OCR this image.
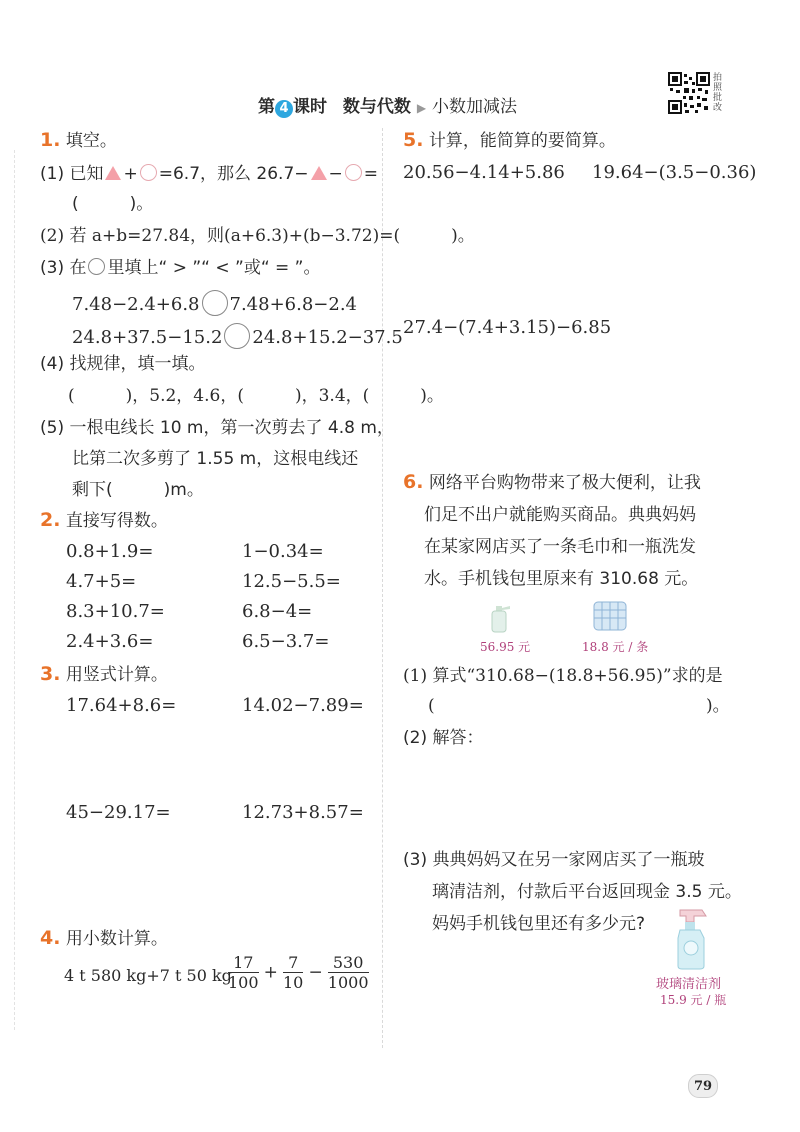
第 4 课时 数与代数 ▶ 小数加减法
拍照批改
1. 填空。
(1) 已知 + =6.7，那么 26.7− − =
(　　　)。
(2) 若 a+b=27.84，则(a+6.3)+(b−3.72)=(　　　)。
(3) 在 里填上“ > ”“ < ”或“ = ”。
7.48−2.4+6.8 7.48+6.8−2.4
24.8+37.5−15.2 24.8+15.2−37.5
(4) 找规律，填一填。
(　　　)，5.2，4.6，(　　　)，3.4，(　　　)。
(5) 一根电线长 10 m，第一次剪去了 4.8 m，
比第二次多剪了 1.55 m，这根电线还
剩下(　　　)m。
2. 直接写得数。
0.8+1.9=	1−0.34=
4.7+5=	12.5−5.5=
8.3+10.7=	6.8−4=
2.4+3.6=	6.5−3.7=
3. 用竖式计算。
17.64+8.6=	14.02−7.89=
45−29.17=	12.73+8.57=
4. 用小数计算。
4 t 580 kg+7 t 50 kg
$\frac{17}{100} + \frac{7}{10} - \frac{530}{1000}$
5. 计算，能简算的要简算。
20.56−4.14+5.86 19.64−(3.5−0.36)
27.4−(7.4+3.15)−6.85
6. 网络平台购物带来了极大便利，让我
们足不出户就能购买商品。典典妈妈
在某家网店买了一条毛巾和一瓶洗发
水。手机钱包里原来有 310.68 元。
56.95 元	18.8 元 / 条
(1) 算式“310.68−(18.8+56.95)”求的是
(	)。
(2) 解答：
(3) 典典妈妈又在另一家网店买了一瓶玻
璃清洁剂，付款后平台返回现金 3.5 元。
妈妈手机钱包里还有多少元?
玻璃清洁剂
15.9 元 / 瓶
79
